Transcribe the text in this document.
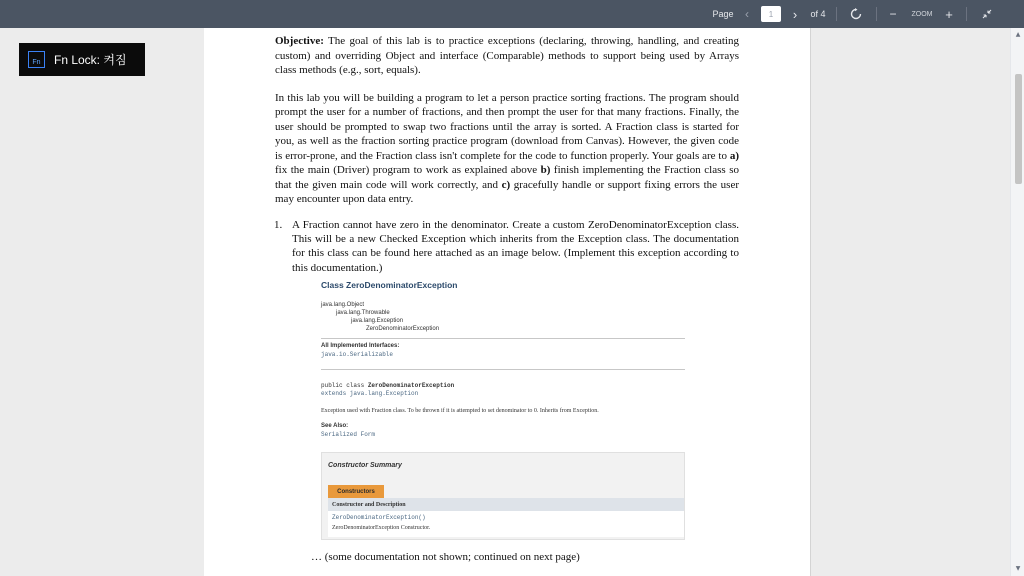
Page ‹	1	›	of 4	−	ZOOM +
Fn	Fn Lock: 켜짐

Objective: The goal of this lab is to practice exceptions (declaring, throwing, handling, and creating custom) and overriding Object and interface (Comparable) methods to support being used by Arrays class methods (e.g., sort, equals).

In this lab you will be building a program to let a person practice sorting fractions. The program should prompt the user for a number of fractions, and then prompt the user for that many fractions. Finally, the user should be prompted to swap two fractions until the array is sorted. A Fraction class is started for you, as well as the fraction sorting practice program (download from Canvas). However, the given code is error-prone, and the Fraction class isn't complete for the code to function properly. Your goals are to a) fix the main (Driver) program to work as explained above b) finish implementing the Fraction class so that the given main code will work correctly, and c) gracefully handle or support fixing errors the user may encounter upon data entry.

1. A Fraction cannot have zero in the denominator. Create a custom ZeroDenominatorException class. This will be a new Checked Exception which inherits from the Exception class. The documentation for this class can be found here attached as an image below. (Implement this exception according to this documentation.)
Class ZeroDenominatorException
java.lang.Object
java.lang.Throwable
java.lang.Exception
ZeroDenominatorException
All Implemented Interfaces:
java.io.Serializable
public class ZeroDenominatorException
extends java.lang.Exception
Exception used with Fraction class. To be thrown if it is attempted to set denominator to 0. Inherits from Exception.
See Also:
Serialized Form
Constructor Summary
Constructors
Constructor and Description
ZeroDenominatorException()
ZeroDenominatorException Constructor.
… (some documentation not shown; continued on next page)
▲
▼
